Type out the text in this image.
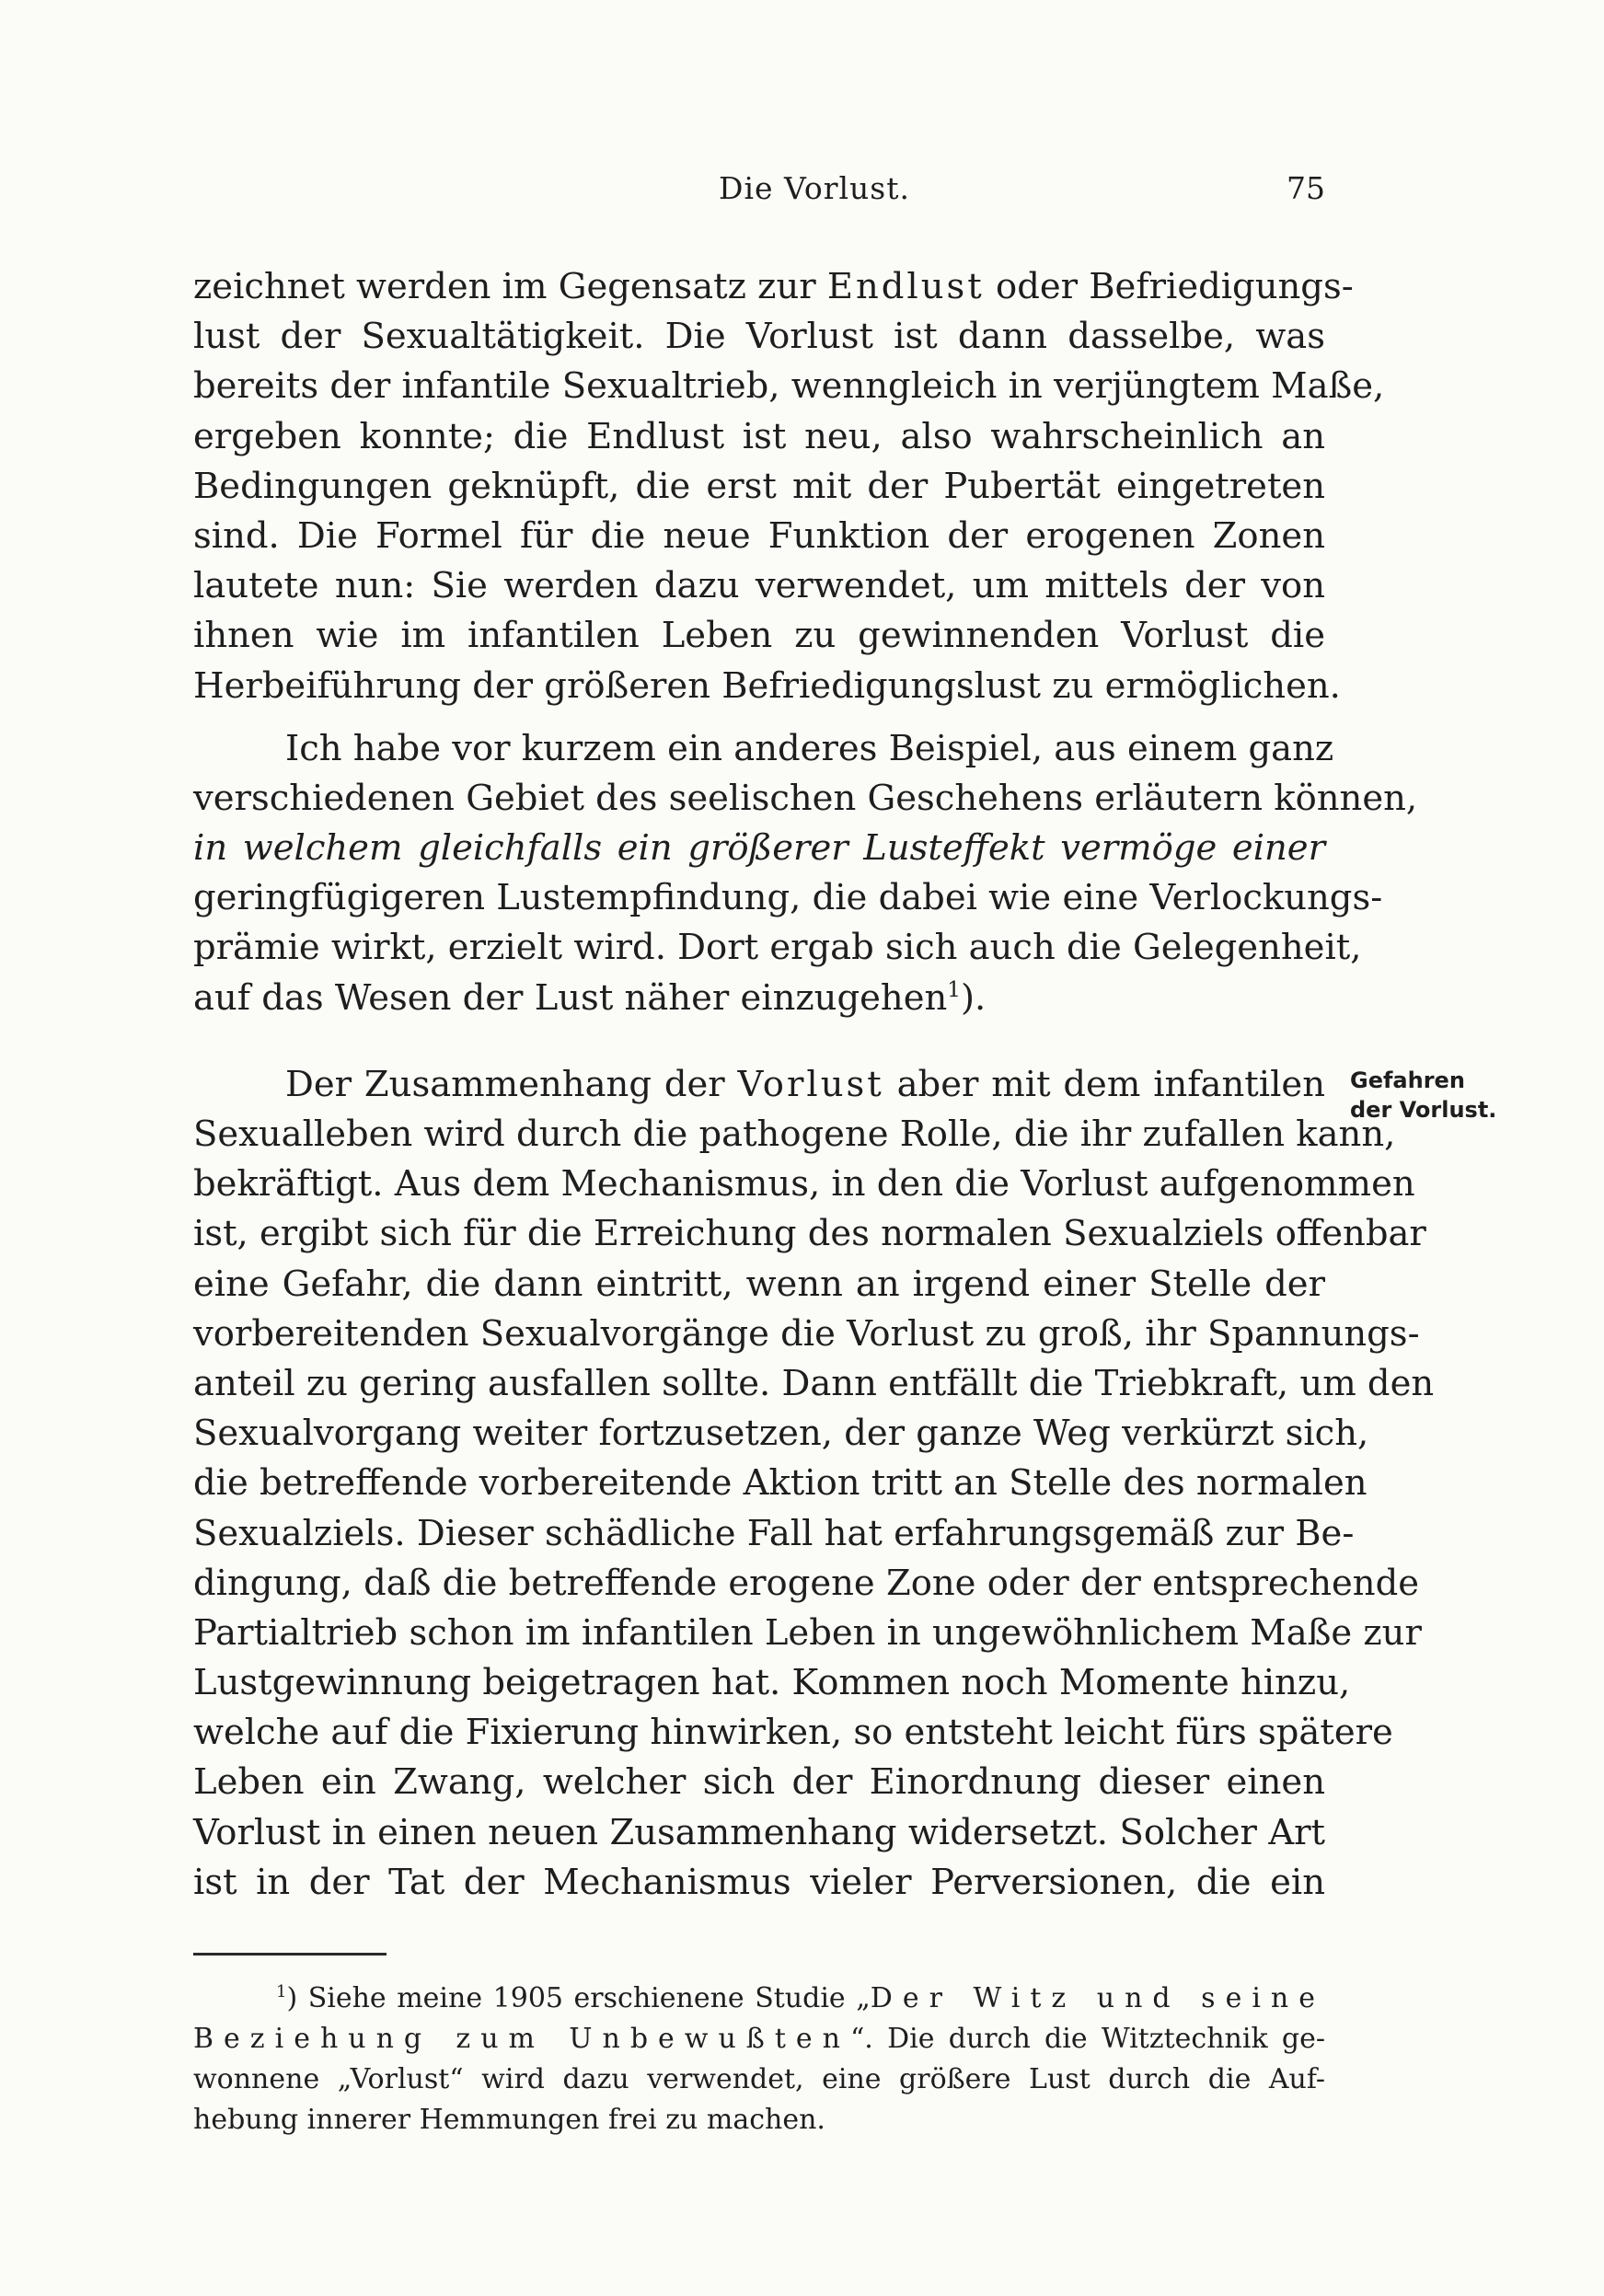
Die Vorlust.	75
zeichnet werden im Gegensatz zur Endlust oder Befriedigungs-
lust der Sexualtätigkeit. Die Vorlust ist dann dasselbe, was
bereits der infantile Sexualtrieb, wenngleich in verjüngtem Maße,
ergeben konnte; die Endlust ist neu, also wahrscheinlich an
Bedingungen geknüpft, die erst mit der Pubertät eingetreten
sind. Die Formel für die neue Funktion der erogenen Zonen
lautete nun: Sie werden dazu verwendet, um mittels der von
ihnen wie im infantilen Leben zu gewinnenden Vorlust die
Herbeiführung der größeren Befriedigungslust zu ermöglichen.
Ich habe vor kurzem ein anderes Beispiel, aus einem ganz
verschiedenen Gebiet des seelischen Geschehens erläutern können,
in welchem gleichfalls ein größerer Lusteffekt vermöge einer
geringfügigeren Lustempfindung, die dabei wie eine Verlockungs-
prämie wirkt, erzielt wird. Dort ergab sich auch die Gelegenheit,
auf das Wesen der Lust näher einzugehen$^1$).
Der Zusammenhang der Vorlust aber mit dem infantilen
Sexualleben wird durch die pathogene Rolle, die ihr zufallen kann,
bekräftigt. Aus dem Mechanismus, in den die Vorlust aufgenommen
ist, ergibt sich für die Erreichung des normalen Sexualziels offenbar
eine Gefahr, die dann eintritt, wenn an irgend einer Stelle der
vorbereitenden Sexualvorgänge die Vorlust zu groß, ihr Spannungs-
anteil zu gering ausfallen sollte. Dann entfällt die Triebkraft, um den
Sexualvorgang weiter fortzusetzen, der ganze Weg verkürzt sich,
die betreffende vorbereitende Aktion tritt an Stelle des normalen
Sexualziels. Dieser schädliche Fall hat erfahrungsgemäß zur Be-
dingung, daß die betreffende erogene Zone oder der entsprechende
Partialtrieb schon im infantilen Leben in ungewöhnlichem Maße zur
Lustgewinnung beigetragen hat. Kommen noch Momente hinzu,
welche auf die Fixierung hinwirken, so entsteht leicht fürs spätere
Leben ein Zwang, welcher sich der Einordnung dieser einen
Vorlust in einen neuen Zusammenhang widersetzt. Solcher Art
ist in der Tat der Mechanismus vieler Perversionen, die ein
Gefahren
der Vorlust.
$^1$) Siehe meine 1905 erschienene Studie „Der Witz und seine
Beziehung zum Unbewußten“. Die durch die Witztechnik ge-
wonnene „Vorlust“ wird dazu verwendet, eine größere Lust durch die Auf-
hebung innerer Hemmungen frei zu machen.
